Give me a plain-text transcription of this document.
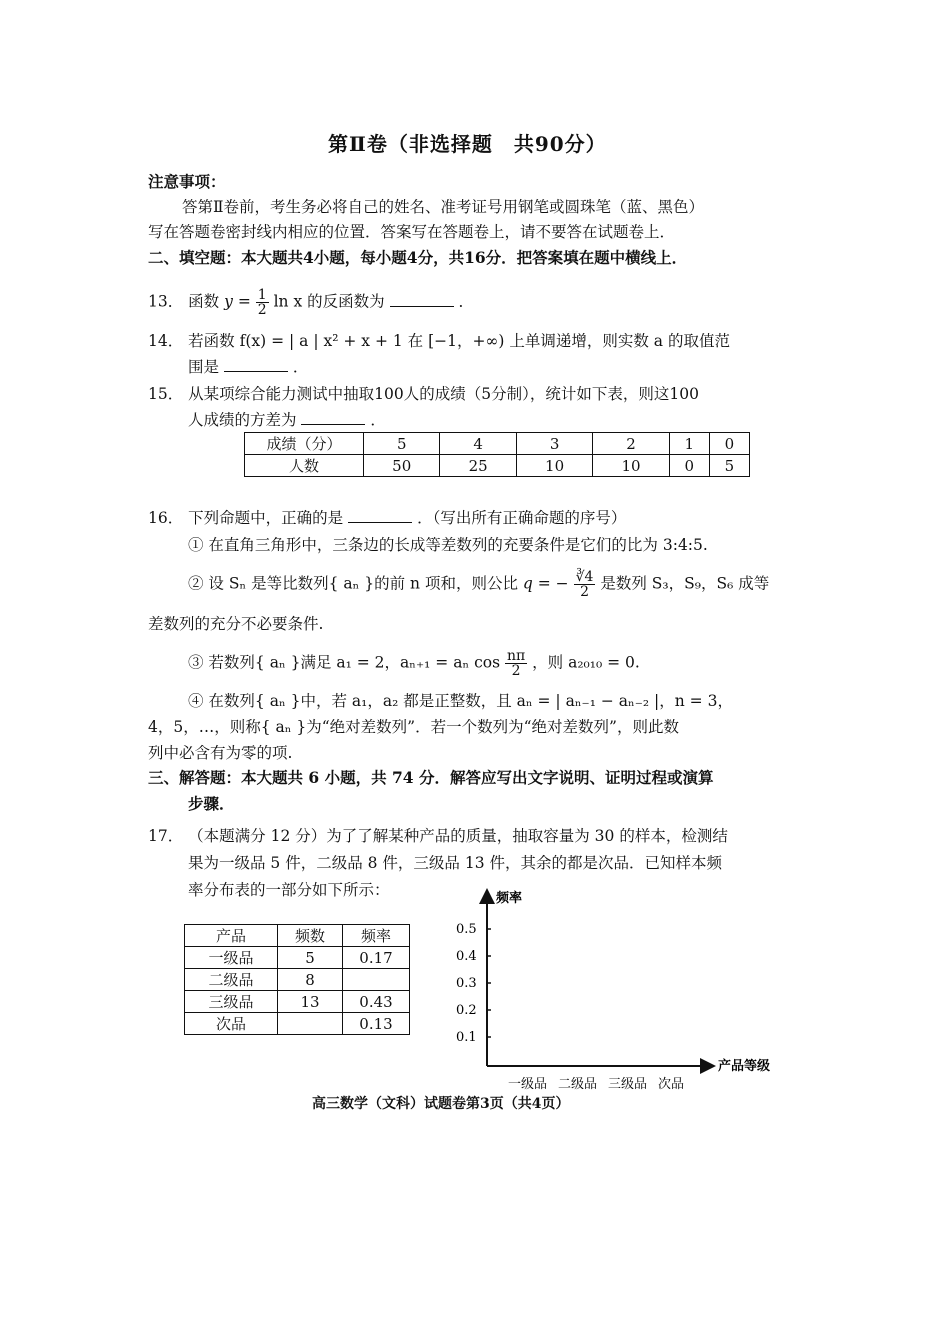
第Ⅱ卷（非选择题　共90分）
注意事项：
答第Ⅱ卷前，考生务必将自己的姓名、准考证号用钢笔或圆珠笔（蓝、黑色）
写在答题卷密封线内相应的位置．答案写在答题卷上，请不要答在试题卷上．
二、填空题：本大题共4小题，每小题4分，共16分．把答案填在题中横线上．
13． 函数 $y = \frac{1}{2}$ ln x 的反函数为	．
14． 若函数 f(x) = | a | x² + x + 1 在 [−1，+∞) 上单调递增，则实数 a 的取值范
围是	．
15． 从某项综合能力测试中抽取100人的成绩（5分制），统计如下表，则这100
人成绩的方差为	．
成绩（分）	5	4	3	2	1	0
人数	50	25	10	10	0	5
16． 下列命题中，正确的是	．（写出所有正确命题的序号）
① 在直角三角形中，三条边的长成等差数列的充要条件是它们的比为 3:4:5.
② 设 Sₙ 是等比数列{ aₙ }的前 n 项和，则公比 q = − $\frac{∛4}{2}$ 是数列 S₃，S₉，S₆ 成等
差数列的充分不必要条件.
③ 若数列{ aₙ }满足 a₁ = 2，aₙ₊₁ = aₙ $\cos \frac{n\pi}{2}$ ，则 a₂₀₁₀ = 0.
④ 在数列{ aₙ }中，若 a₁，a₂ 都是正整数，且 aₙ = | aₙ₋₁ − aₙ₋₂ |，n = 3，
4，5，…，则称{ aₙ }为“绝对差数列”．若一个数列为“绝对差数列”，则此数
列中必含有为零的项.
三、解答题：本大题共 6 小题，共 74 分．解答应写出文字说明、证明过程或演算
步骤．
17． （本题满分 12 分）为了了解某种产品的质量，抽取容量为 30 的样本，检测结
果为一级品 5 件，二级品 8 件，三级品 13 件，其余的都是次品．已知样本频
率分布表的一部分如下所示：
产品	频数	频率
一级品	5	0.17
二级品	8	
三级品	13	0.43
次品		0.13
频率
产品等级
0.5
0.4
0.3
0.2
0.1
一级品 二级品 三级品 次品
高三数学（文科）试题卷第3页（共4页）
